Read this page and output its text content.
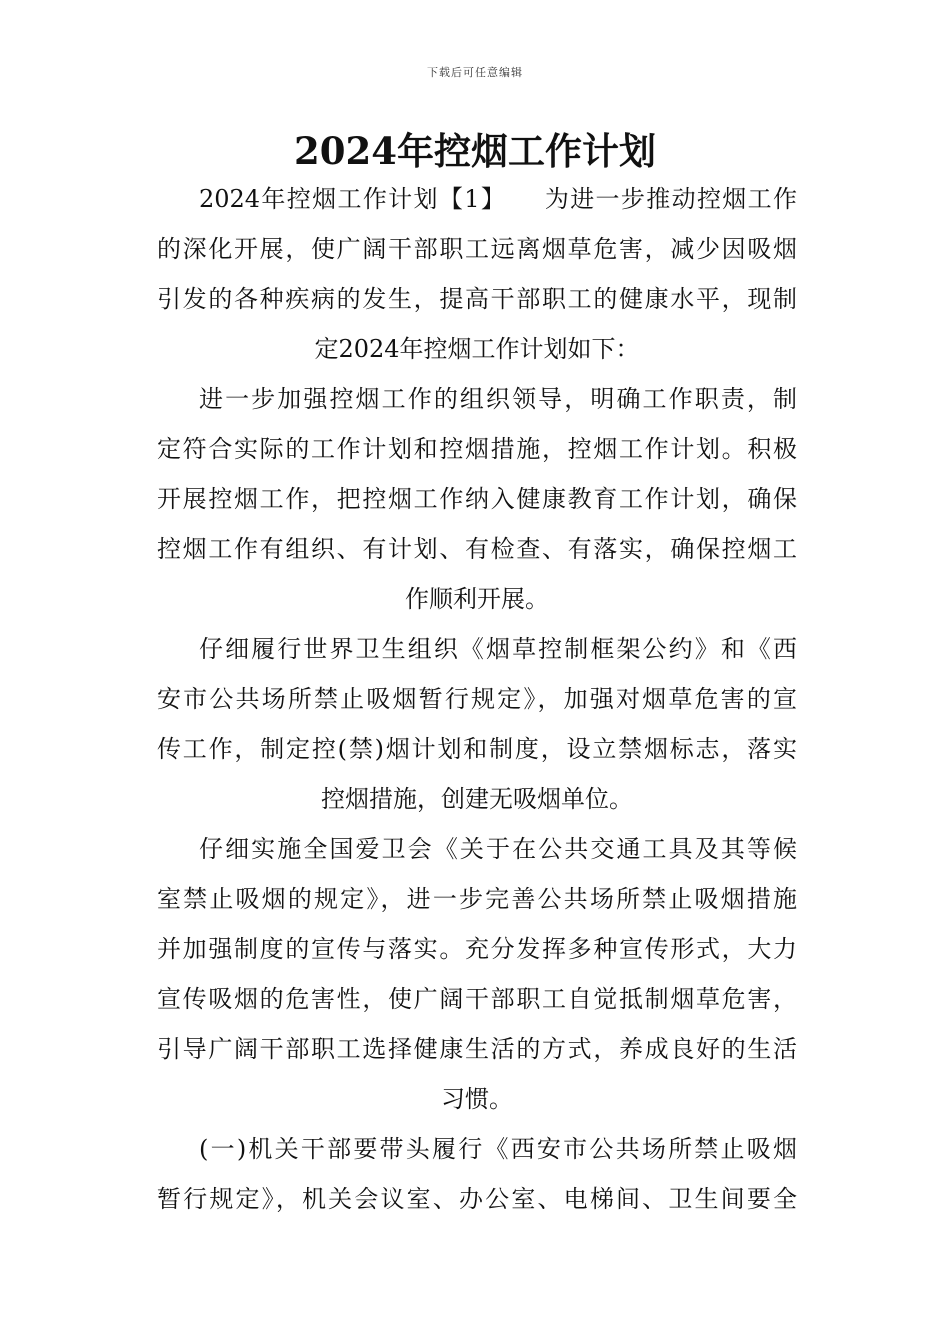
下载后可任意编辑
2024年控烟工作计划
2024年控烟工作计划【1】　　为进一步推动控烟工作
的深化开展，使广阔干部职工远离烟草危害，减少因吸烟
引发的各种疾病的发生，提高干部职工的健康水平，现制
定2024年控烟工作计划如下：
进一步加强控烟工作的组织领导，明确工作职责，制
定符合实际的工作计划和控烟措施，控烟工作计划。积极
开展控烟工作，把控烟工作纳入健康教育工作计划，确保
控烟工作有组织、有计划、有检查、有落实，确保控烟工
作顺利开展。
仔细履行世界卫生组织《烟草控制框架公约》和《西
安市公共场所禁止吸烟暂行规定》，加强对烟草危害的宣
传工作，制定控(禁)烟计划和制度，设立禁烟标志，落实
控烟措施，创建无吸烟单位。
仔细实施全国爱卫会《关于在公共交通工具及其等候
室禁止吸烟的规定》，进一步完善公共场所禁止吸烟措施
并加强制度的宣传与落实。充分发挥多种宣传形式，大力
宣传吸烟的危害性，使广阔干部职工自觉抵制烟草危害，
引导广阔干部职工选择健康生活的方式，养成良好的生活
习惯。
(一)机关干部要带头履行《西安市公共场所禁止吸烟
暂行规定》，机关会议室、办公室、电梯间、卫生间要全
